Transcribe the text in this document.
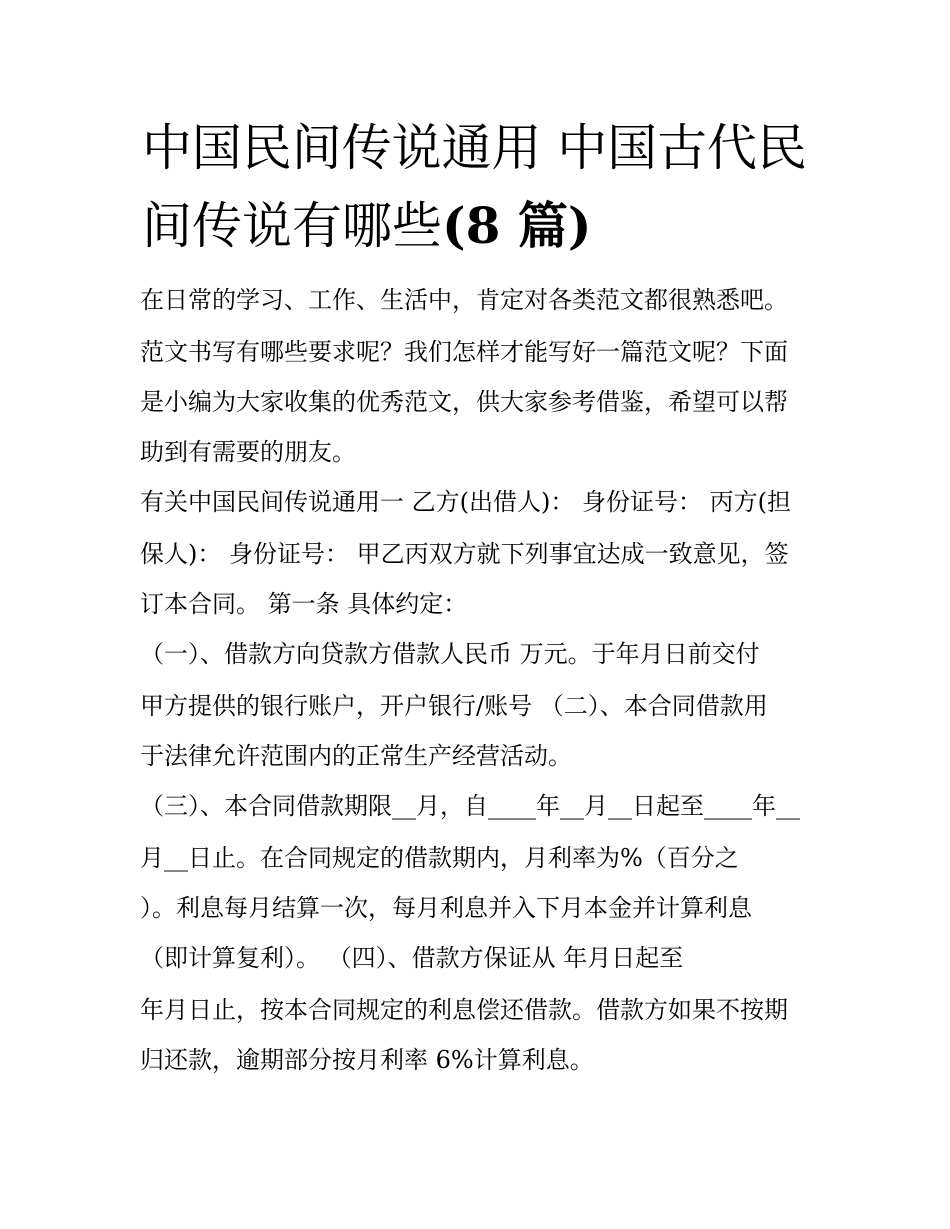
中国民间传说通用 中国古代民
间传说有哪些(8 篇)
在日常的学习、工作、生活中，肯定对各类范文都很熟悉吧。
范文书写有哪些要求呢？我们怎样才能写好一篇范文呢？下面
是小编为大家收集的优秀范文，供大家参考借鉴，希望可以帮
助到有需要的朋友。
有关中国民间传说通用一 乙方(出借人)： 身份证号： 丙方(担
保人)： 身份证号： 甲乙丙双方就下列事宜达成一致意见，签
订本合同。 第一条 具体约定：
（一）、借款方向贷款方借款人民币 万元。于年月日前交付
甲方提供的银行账户，开户银行/账号 （二）、本合同借款用
于法律允许范围内的正常生产经营活动。
（三）、本合同借款期限__月，自____年__月__日起至____年__
月__日止。在合同规定的借款期内，月利率为%（百分之
）。利息每月结算一次，每月利息并入下月本金并计算利息
（即计算复利）。 （四）、借款方保证从 年月日起至
年月日止，按本合同规定的利息偿还借款。借款方如果不按期
归还款，逾期部分按月利率 6%计算利息。
